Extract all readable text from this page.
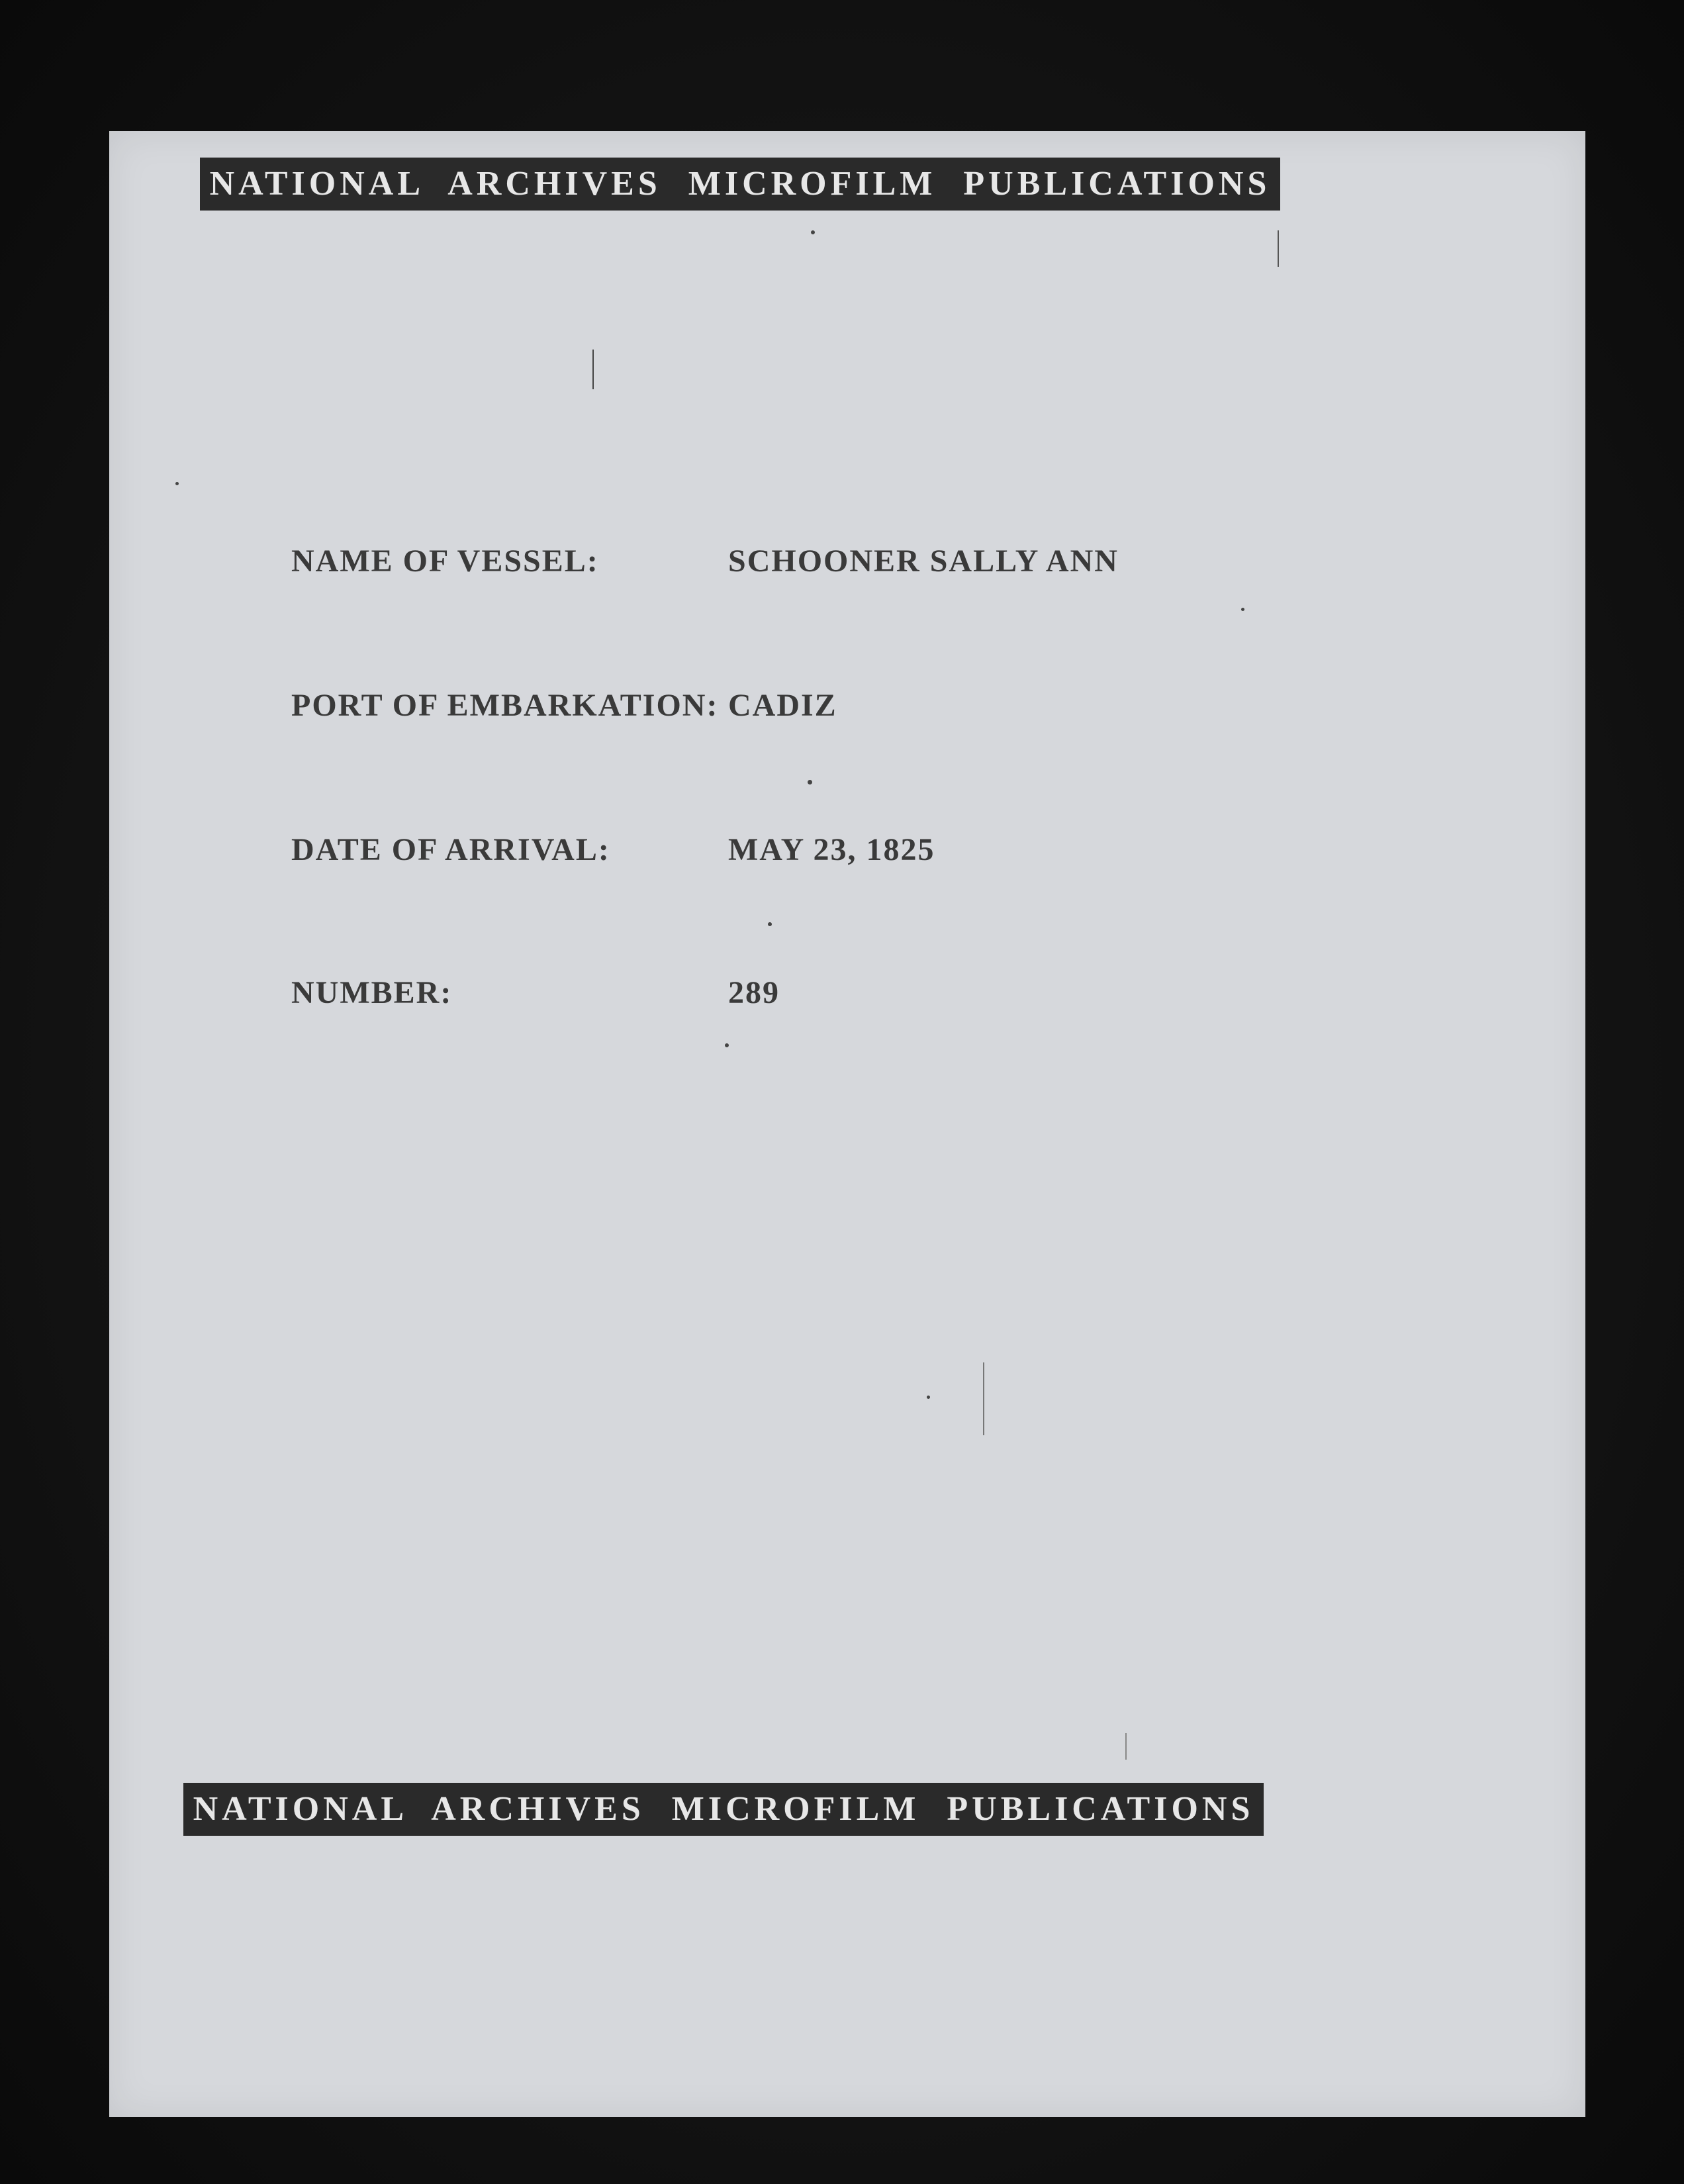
NATIONAL ARCHIVES MICROFILM PUBLICATIONS
NAME OF VESSEL:	SCHOONER SALLY ANN
PORT OF EMBARKATION: CADIZ
DATE OF ARRIVAL:	MAY 23, 1825
NUMBER:	289
NATIONAL ARCHIVES MICROFILM PUBLICATIONS
